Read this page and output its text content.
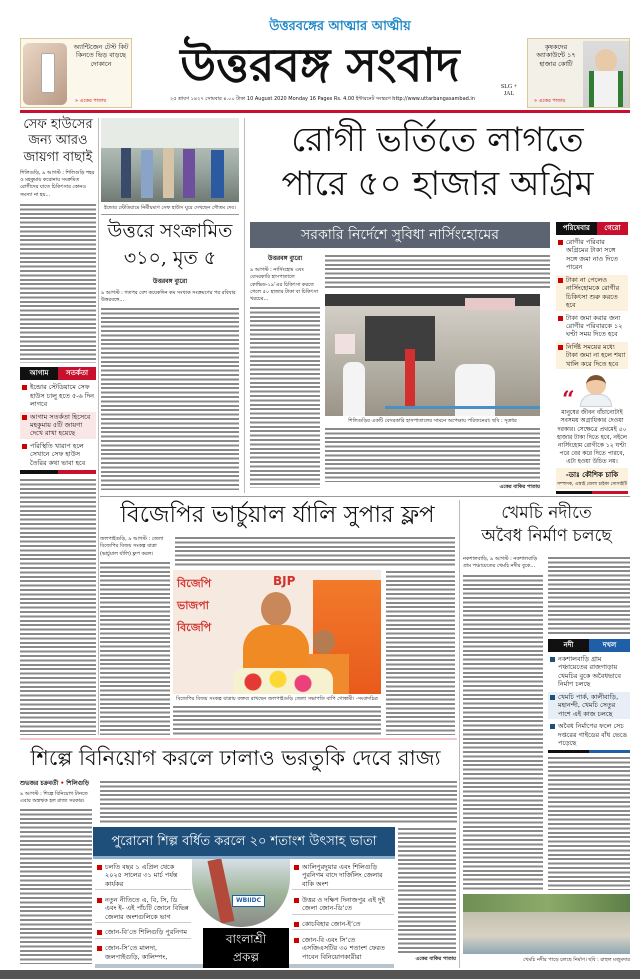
অ্যান্টিজেন টেস্ট কিট কিনতে ভিড় বাড়ছে দোকানে
» একের পাতায়
উত্তরবঙ্গের আত্মার আত্মীয়
উত্তরবঙ্গ সংবাদ
২৫ শ্রাবণ ১৪২৭ সোমবার ৪.০০ টাকা 10 August 2020 Monday 16 Pages Rs. 4.00 ইন্টারনেট সংস্করণ http://www.uttarbangasambad.in
SLG + JAL
কৃষকদের অ্যাকাউন্টে ১৭ হাজার কোটি
» একের পাতায়
সেফ হাউসের জন্য আরও জায়গা বাছাই
শিলিগুড়ি, ৯ আগস্ট : শিলিগুড়ি শহর ও মহকুমায় করোনায় সংক্রমিত রোগীদের যাতে চিকিৎসার কোনও সমস্যা না হয়...
আগাম	সতর্কতা
ইন্ডোর স্টেডিয়ামে সেফ হাউস চালু হতে ৫-৬ দিন লাগবে
আগাম সতর্কতা হিসেবে মহকুমায় ৫টি জায়গা দেখে রাখা হয়েছে
পরিস্থিতি খারাপ হলে সেখানে সেফ হাউস তৈরির কথা ভাবা হবে
ইন্ডোর স্টেডিয়ামে নির্মীয়মাণ সেফ হাউস ঘুরে দেখছেন গৌতম দেব।
উত্তরে সংক্রামিত
৩১০, মৃত ৫
উত্তরবঙ্গ ব্যুরো
৯ আগস্ট : গতপর বেশ কয়েকদিন কম সংখ্যক সংক্রমণের পর রবিবার উত্তরবঙ্গে...
রোগী ভর্তিতে লাগতে
পারে ৫০ হাজার অগ্রিম
সরকারি নির্দেশে সুবিধা নার্সিংহোমের
উত্তরবঙ্গ ব্যুরো
৯ আগস্ট : নার্সিংহোম এবং বেসরকারি হাসপাতালে কোভিড-১৯’এর চিকিৎসা করতে গেলে ৫০ হাজার টাকা বা চিকিৎসা খরচের...
শিলিগুড়ির একটি বেসরকারি হাসপাতালের সামনে অপেক্ষায় পরিজনেরা। ছবি : সূত্রধর
একের বাকির পাতায়
পরিষেবার	গেরো
রোগীর পরিবার অগ্রিমের টাকা সঙ্গে সঙ্গে জমা নাও দিতে পারেন
টাকা না পেলেও নার্সিংহোমকে রোগীর চিকিৎসা শুরু করতে হবে
টাকা জমা করার জন্য রোগীর পরিবারকে ১২ ঘণ্টা সময় দিতে হবে
নির্দিষ্ট সময়ের মধ্যে টাকা জমা না হলে শয্যা খালি করে দিতে হবে
“
মানুষের জীবন বাঁচানোটাই সবসময় অগ্রাধিকার দেওয়া দরকার। সেক্ষেত্রে প্রথমেই ৫০ হাজার টাকা দিতে হবে, নইলে নার্সিংহোম রোগীকে ১২ ঘণ্টা পরে বের করে দিতে পারবে, এটা হওয়া উচিত নয়।
-ডাঃ কৌশিক চাকি
সম্পাদক, এস্তাই জেলা চাইকা সোসাইটি
বিজেপির ভার্চুয়াল র্যালি সুপার ফ্লপ
জলপাইগুড়ি, ৯ আগস্ট : জেলা বিজেপির বিজয় সংকল্প যাত্রা (ভার্চুয়াল র্যালি) ফ্লপ করল।
বিজেপি
ভাজপা
বিজেপি
BJP
বিজেপির বিজয় সংকল্প যাত্রায় বক্তব্য রাখছেন জলপাইগুড়ি জেলা সভাপতি বাপি গোস্বামী। -সংবাদচিত্র
খেমচি নদীতে
অবৈধ নির্মাণ চলছে
নকশালবাড়ি, ৯ আগস্ট : নকশালবাড়ি গ্রাম পঞ্চায়েতের খেমচি নদীর বুকে...
নদী	দখল
নকশালবাড়ি গ্রাম পঞ্চায়েতের রাজগাড়ায় খেমচির বুকে অবৈধভাবে নির্মাণ চলছে
খেমচি পার্ক, কালীবাড়ি, মহানন্দী, খেমচি সেতুর পাশে এই কাজ চলছে
অবৈধ নির্মাণের ফলে সেচ দপ্তরের গাইডের বাঁধ ভেঙে পড়েছে
খেমচি নদীর পাড়ে চলছে নির্মাণ। ছবি : রাহুল মজুমদার
শিল্পে বিনিয়োগ করলে ঢালাও ভরতুকি দেবে রাজ্য
শুভজর চক্রবর্তী • শিলিগুড়ি
৯ আগস্ট : শিল্পে বিনিয়োগ টানতে এবার অস্ত্রঋক হল রাজ্য সরকার।
পুরোনো শিল্প বর্ধিত করলে ২০ শতাংশ উৎসাহ ভাতা
চলতি বছর ১ এপ্রিল থেকে ২০২৫ সালের ৩১ মার্চ পর্যন্ত কার্যকর
নতুন নীতিতে এ, বি, সি, ডি এবং ই- এই পাঁচটি জোনে বিভিন্ন জেলার অংশগুলিকে ভাগ
জোন-বি’তে শিলিগুড়ি পুরনিগম
জোন-সি’তে মালদা, জলপাইগুড়ি, কালিম্পং,
WBIIDC
বাংলাশ্রী
প্রকল্প
আলিপুরদুয়ার এবং শিলিগুড়ি পুরনিগম বাদে দার্জিলিং জেলার বাকি অংশ
উত্তর ও দক্ষিণ দিনাজপুর এই দুই জেলা জোন-ডি’তে
কোচবিহার জোন-ই’তে
জোন-বি এবং সি’তে এসজিএসটির ৩০ শতাংশ ফেরত পাবেন বিনিয়োগকারীরা	একের বাকির পাতায়
